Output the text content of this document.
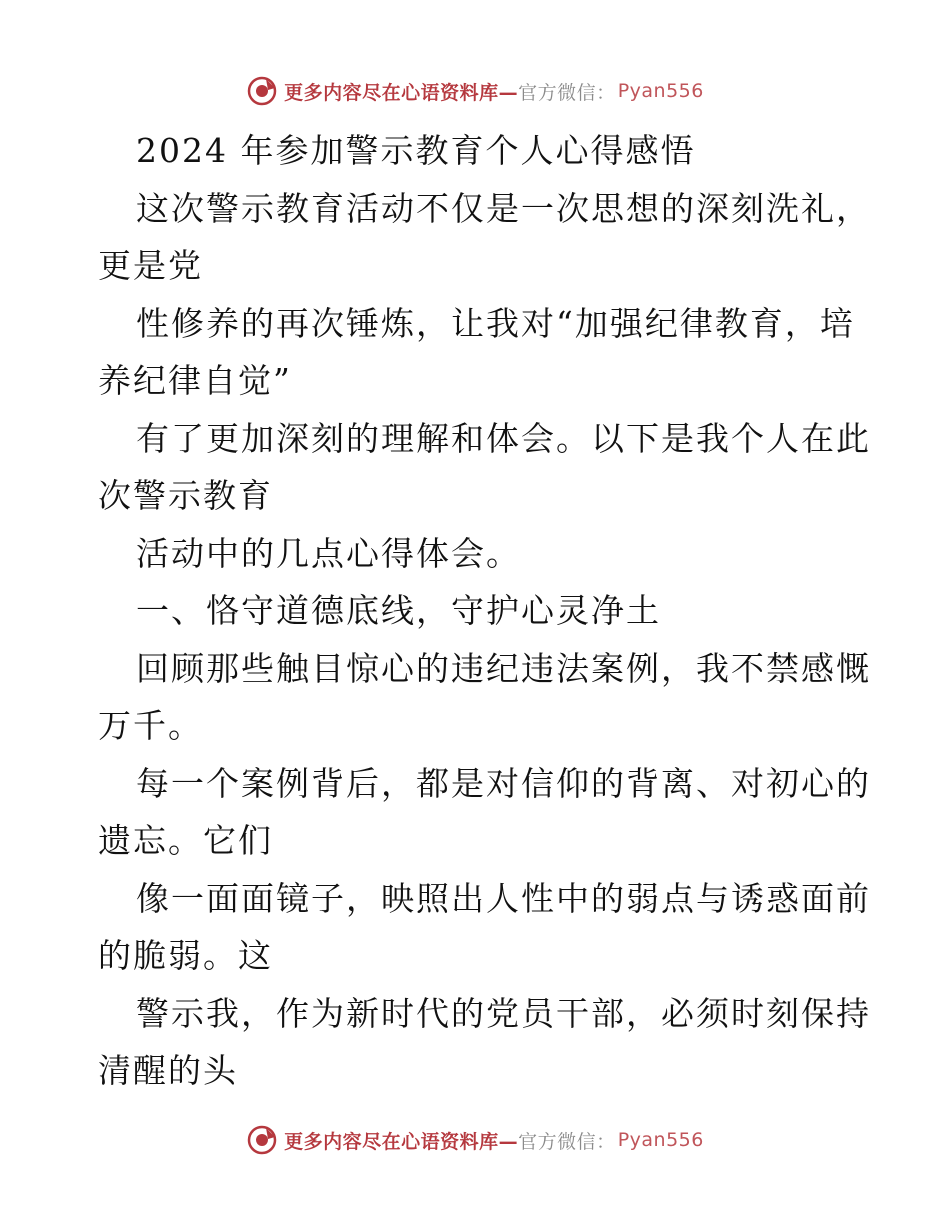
更多内容尽在心语资料库— 官方微信： Pyan556
2024 年参加警示教育个人心得感悟
这次警示教育活动不仅是一次思想的深刻洗礼，
更是党
性修养的再次锤炼，让我对“加强纪律教育，培
养纪律自觉”
有了更加深刻的理解和体会。以下是我个人在此
次警示教育
活动中的几点心得体会。
一、恪守道德底线，守护心灵净土
回顾那些触目惊心的违纪违法案例，我不禁感慨
万千。
每一个案例背后，都是对信仰的背离、对初心的
遗忘。它们
像一面面镜子，映照出人性中的弱点与诱惑面前
的脆弱。这
警示我，作为新时代的党员干部，必须时刻保持
清醒的头
更多内容尽在心语资料库— 官方微信： Pyan556
